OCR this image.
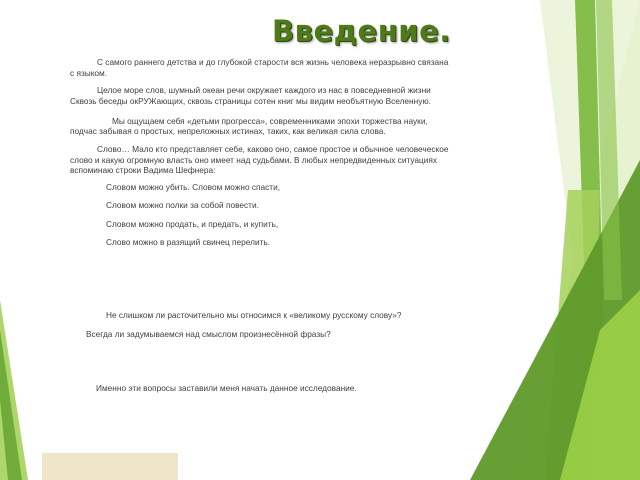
Введение.
С самого раннего детства и до глубокой старости вся жизнь человека неразрывно связана
с языком.
Целое море слов, шумный океан речи окружает каждого из нас в повседневной жизни
Сквозь беседы окРУЖающих, сквозь страницы сотен книг мы видим необъятную Вселенную.
Мы ощущаем себя «детьми прогресса», современниками эпохи торжества науки,
подчас забывая о простых, непреложных истинах, таких, как великая сила слова.
Слово… Мало кто представляет себе, каково оно, самое простое и обычное человеческое
слово и какую огромную власть оно имеет над судьбами. В любых непредвиденных ситуациях
вспоминаю строки Вадима Шефнера:
Словом можно убить. Словом можно спасти,
Словом можно полки за собой повести.
Словом можно продать, и предать, и купить,
Слово можно в разящий свинец перелить.
Не слишком ли расточительно мы относимся к «великому русскому слову»?
Всегда ли задумываемся над смыслом произнесённой фразы?
Именно эти вопросы заставили меня начать данное исследование.
